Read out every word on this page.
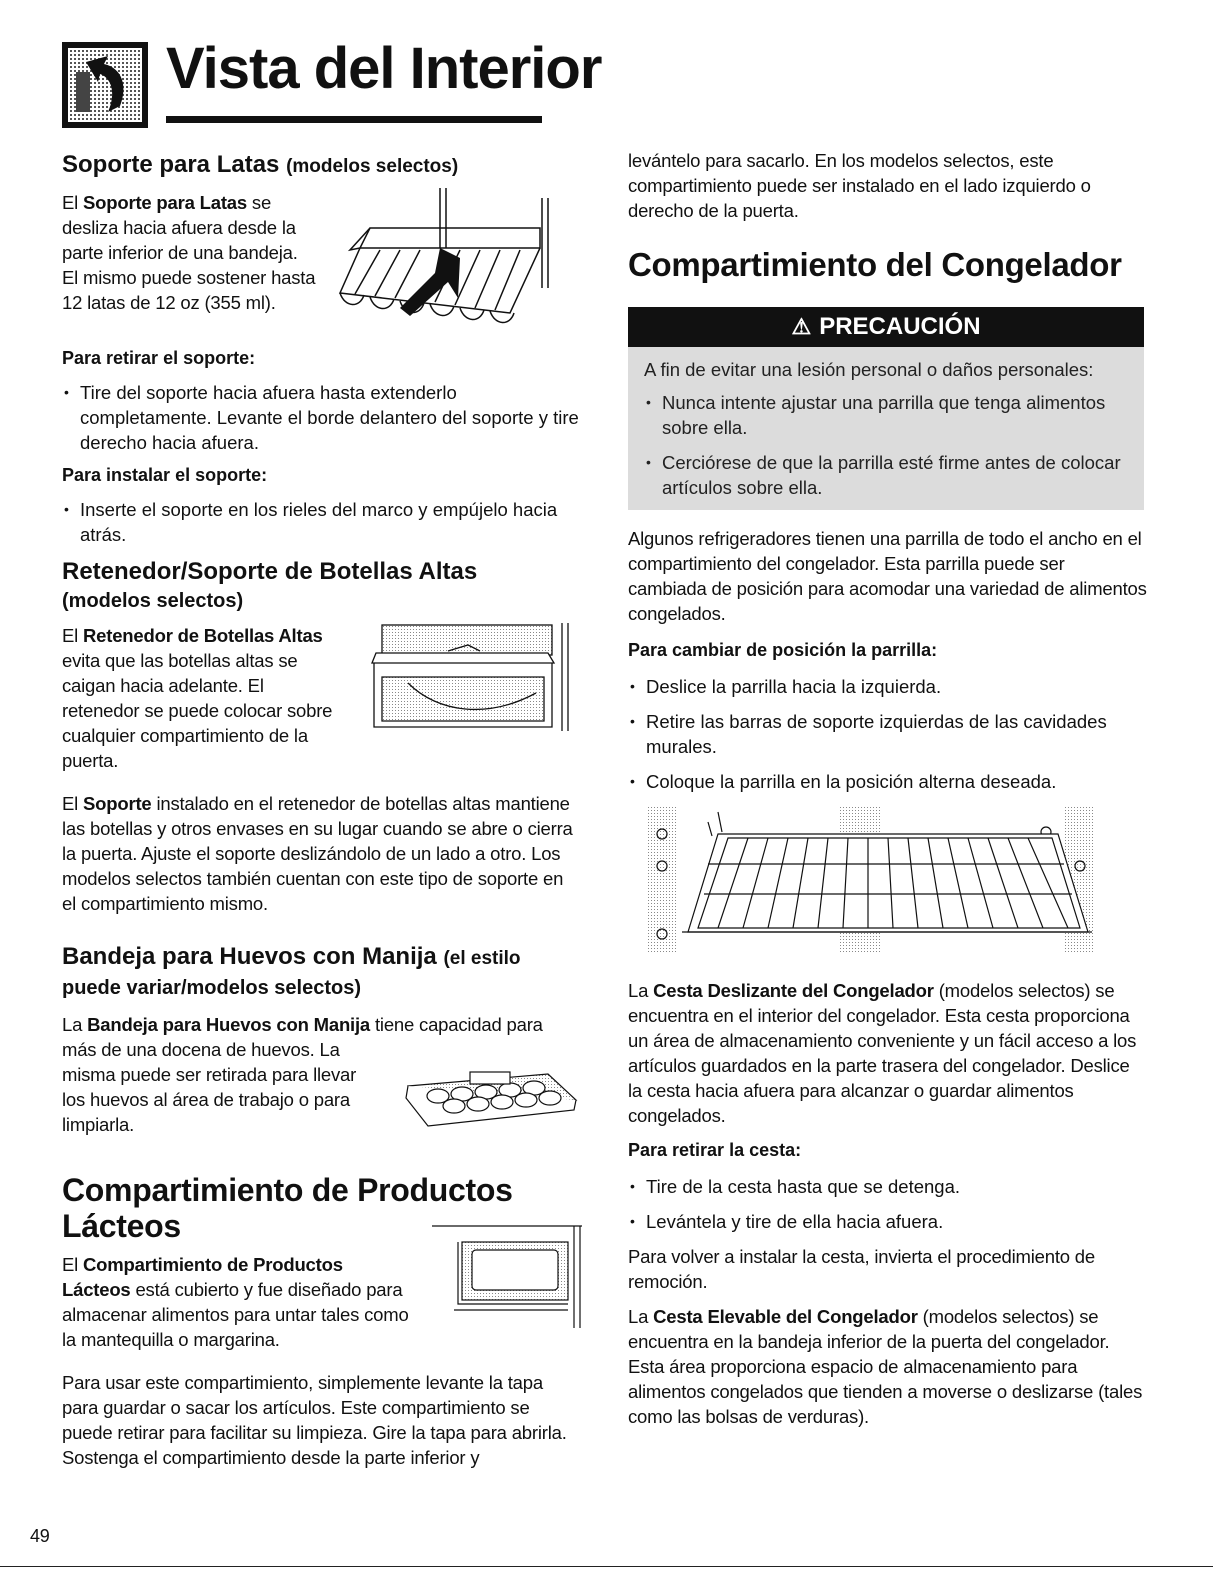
Vista del Interior
Soporte para Latas (modelos selectos)

El Soporte para Latas se

desliza hacia afuera desde la

parte inferior de una bandeja.

El mismo puede sostener hasta

12 latas de 12 oz (355 ml).

Para retirar el soporte:
• Tire del soporte hacia afuera hasta extenderlo completamente. Levante el borde delantero del soporte y tire derecho hacia afuera.
Para instalar el soporte:
• Inserte el soporte en los rieles del marco y empújelo hacia atrás.
Retenedor/Soporte de Botellas Altas
(modelos selectos)

El Retenedor de Botellas Altas

evita que las botellas altas se

caigan hacia adelante. El

retenedor se puede colocar sobre

cualquier compartimiento de la

puerta.

El Soporte instalado en el retenedor de botellas altas mantiene las botellas y otros envases en su lugar cuando se abre o cierra la puerta. Ajuste el soporte deslizándolo de un lado a otro. Los modelos selectos también cuentan con este tipo de soporte en el compartimiento mismo.

Bandeja para Huevos con Manija (el estilo
puede variar/modelos selectos)

La Bandeja para Huevos con Manija tiene capacidad para

más de una docena de huevos. La

misma puede ser retirada para llevar

los huevos al área de trabajo o para

limpiarla.

Compartimiento de Productos
Lácteos

El Compartimiento de Productos

Lácteos está cubierto y fue diseñado para

almacenar alimentos para untar tales como

la mantequilla o margarina.

Para usar este compartimiento, simplemente levante la tapa para guardar o sacar los artículos. Este compartimiento se puede retirar para facilitar su limpieza. Gire la tapa para abrirla. Sostenga el compartimiento desde la parte inferior y

49

levántelo para sacarlo. En los modelos selectos, este compartimiento puede ser instalado en el lado izquierdo o derecho de la puerta.

Compartimiento del Congelador
⚠ PRECAUCIÓN

A fin de evitar una lesión personal o daños personales:

• Nunca intente ajustar una parrilla que tenga alimentos sobre ella.
• Cerciórese de que la parrilla esté firme antes de colocar artículos sobre ella.

Algunos refrigeradores tienen una parrilla de todo el ancho en el compartimiento del congelador. Esta parrilla puede ser cambiada de posición para acomodar una variedad de alimentos congelados.

Para cambiar de posición la parrilla:
• Deslice la parrilla hacia la izquierda.
• Retire las barras de soporte izquierdas de las cavidades murales.
• Coloque la parrilla en la posición alterna deseada.

La Cesta Deslizante del Congelador (modelos selectos) se encuentra en el interior del congelador. Esta cesta proporciona un área de almacenamiento conveniente y un fácil acceso a los artículos guardados en la parte trasera del congelador. Deslice la cesta hacia afuera para alcanzar o guardar alimentos congelados.

Para retirar la cesta:
• Tire de la cesta hasta que se detenga.
• Levántela y tire de ella hacia afuera.

Para volver a instalar la cesta, invierta el procedimiento de remoción.

La Cesta Elevable del Congelador (modelos selectos) se encuentra en la bandeja inferior de la puerta del congelador. Esta área proporciona espacio de almacenamiento para alimentos congelados que tienden a moverse o deslizarse (tales como las bolsas de verduras).
